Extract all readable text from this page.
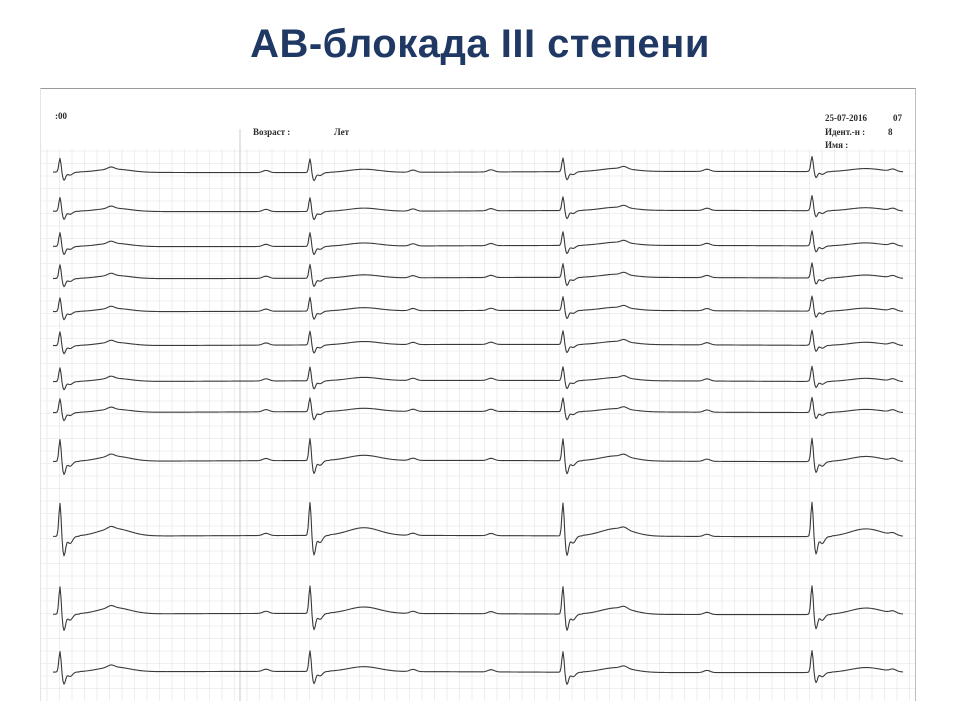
АВ-блокада III степени
:00
Возраст :	Лет
25-07-2016	07
Идент.-н :	8
Имя :
